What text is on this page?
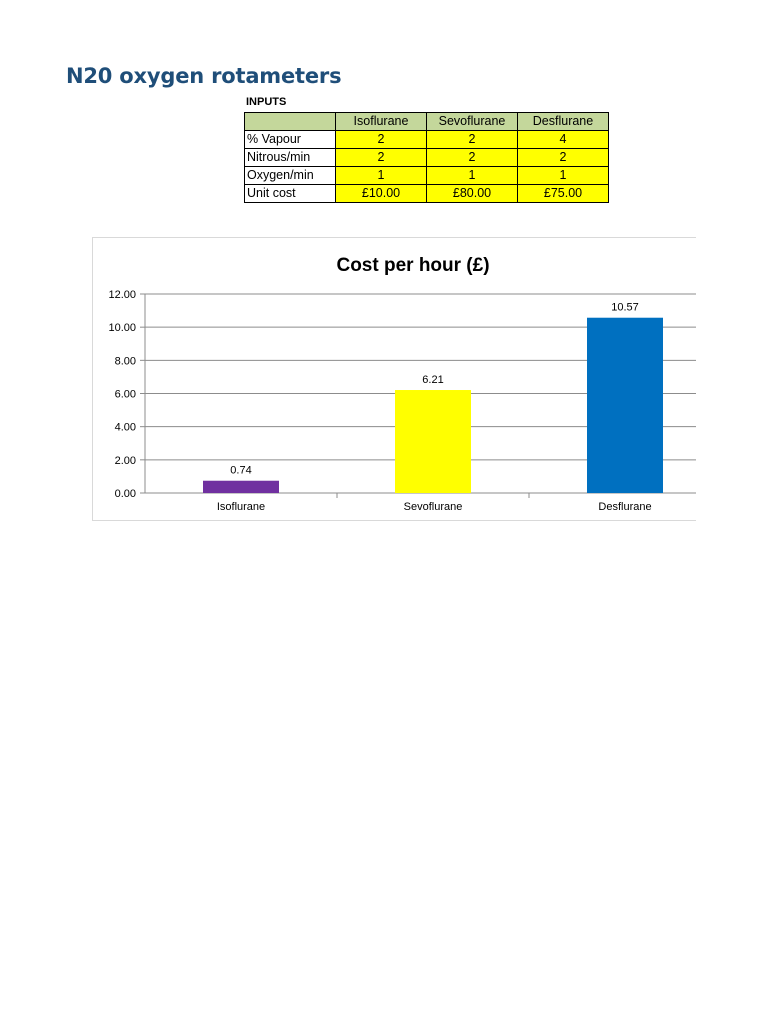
N20 oxygen rotameters
INPUTS
	Isoflurane	Sevoflurane	Desflurane
% Vapour	2	2	4
Nitrous/min	2	2	2
Oxygen/min	1	1	1
Unit cost	£10.00	£80.00	£75.00
Cost per hour (£)
0.00
2.00
4.00
6.00
8.00
10.00
12.00
0.74
Isoflurane
6.21
Sevoflurane
10.57
Desflurane
